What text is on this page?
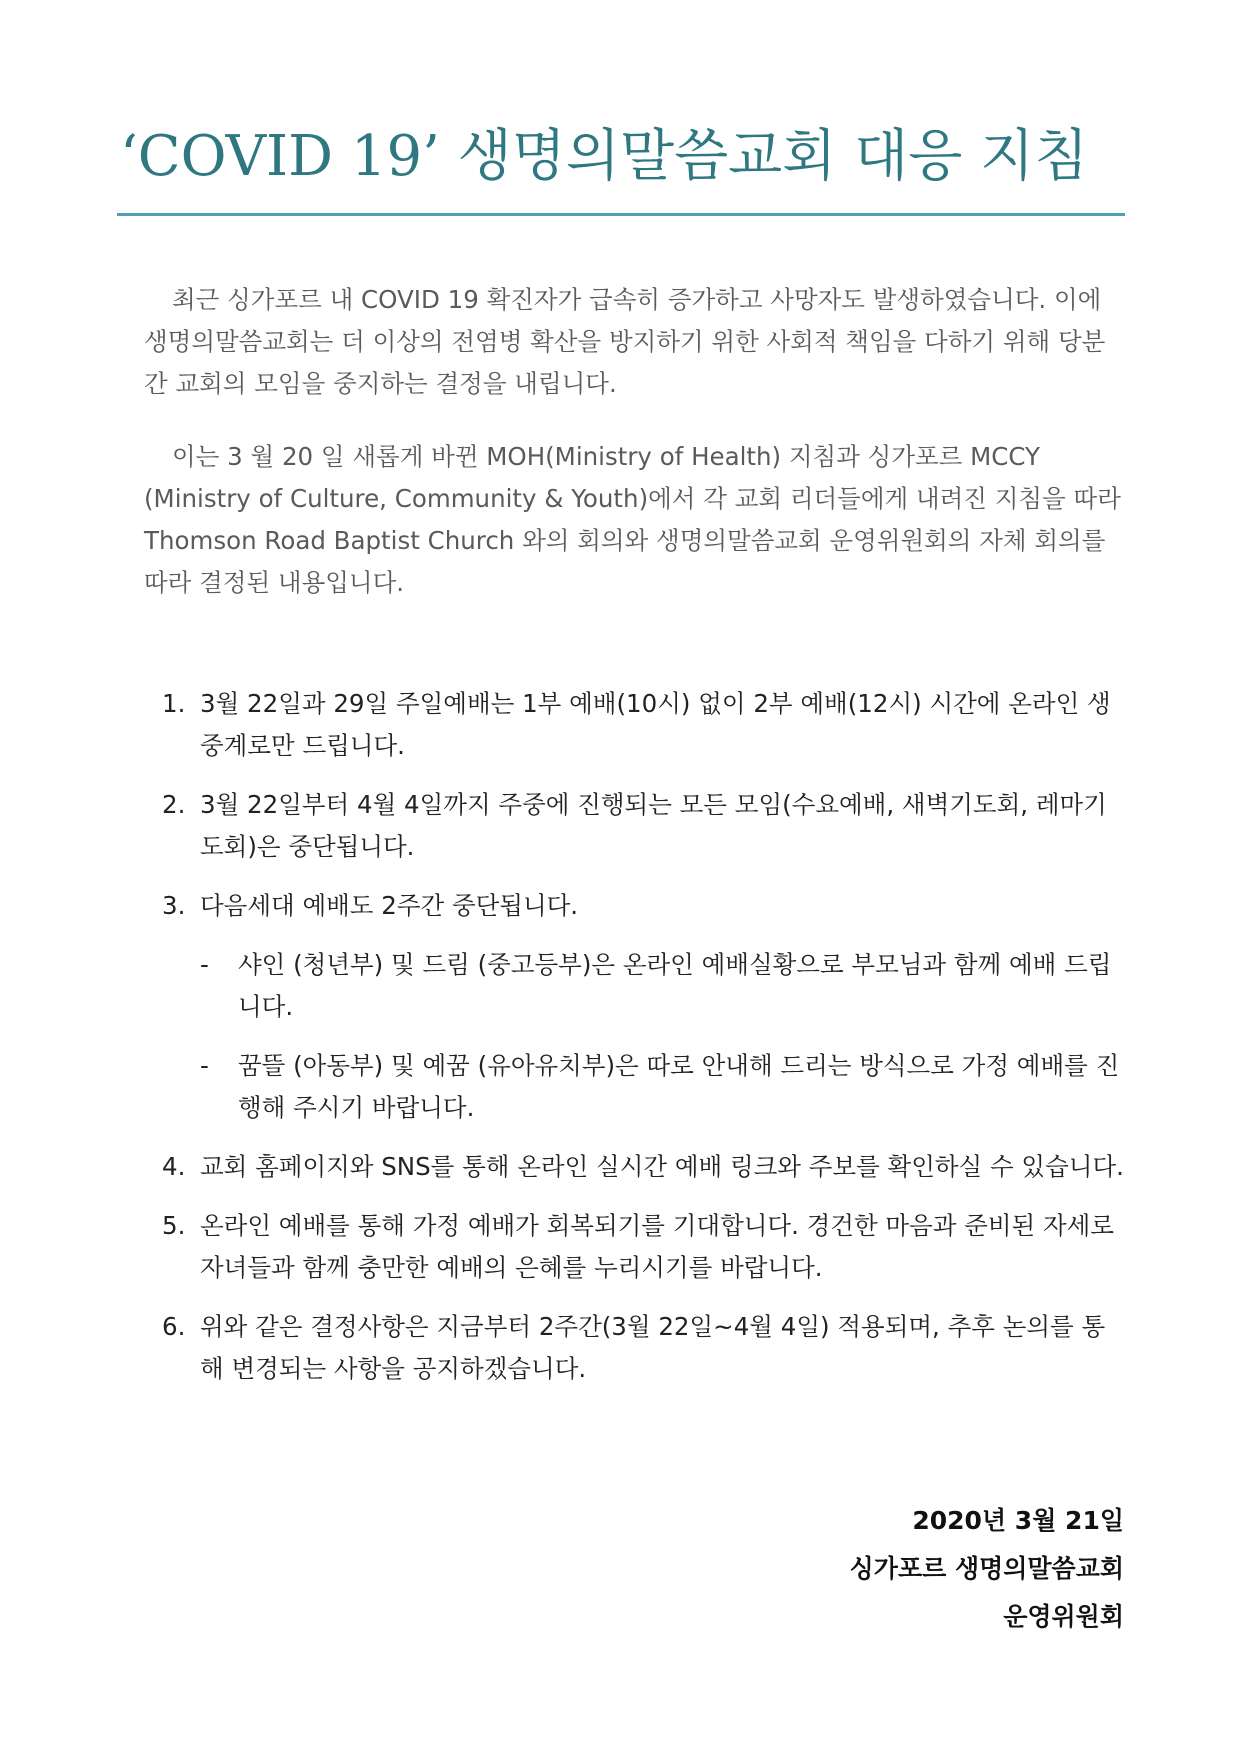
‘COVID 19’ 생명의말씀교회 대응 지침

최근 싱가포르 내 COVID 19 확진자가 급속히 증가하고 사망자도 발생하였습니다. 이에 생명의말씀교회는 더 이상의 전염병 확산을 방지하기 위한 사회적 책임을 다하기 위해 당분간 교회의 모임을 중지하는 결정을 내립니다.

이는 3 월 20 일 새롭게 바뀐 MOH(Ministry of Health) 지침과 싱가포르 MCCY (Ministry of Culture, Community & Youth)에서 각 교회 리더들에게 내려진 지침을 따라 Thomson Road Baptist Church 와의 회의와 생명의말씀교회 운영위원회의 자체 회의를 따라 결정된 내용입니다.

1. 3월 22일과 29일 주일예배는 1부 예배(10시) 없이 2부 예배(12시) 시간에 온라인 생중계로만 드립니다.
2. 3월 22일부터 4월 4일까지 주중에 진행되는 모든 모임(수요예배, 새벽기도회, 레마기도회)은 중단됩니다.
3. 다음세대 예배도 2주간 중단됩니다.
- 샤인 (청년부) 및 드림 (중고등부)은 온라인 예배실황으로 부모님과 함께 예배 드립니다.
- 꿈뜰 (아동부) 및 예꿈 (유아유치부)은 따로 안내해 드리는 방식으로 가정 예배를 진행해 주시기 바랍니다.
4. 교회 홈페이지와 SNS를 통해 온라인 실시간 예배 링크와 주보를 확인하실 수 있습니다.
5. 온라인 예배를 통해 가정 예배가 회복되기를 기대합니다. 경건한 마음과 준비된 자세로 자녀들과 함께 충만한 예배의 은혜를 누리시기를 바랍니다.
6. 위와 같은 결정사항은 지금부터 2주간(3월 22일~4월 4일) 적용되며, 추후 논의를 통해 변경되는 사항을 공지하겠습니다.
2020년 3월 21일
싱가포르 생명의말씀교회
운영위원회
